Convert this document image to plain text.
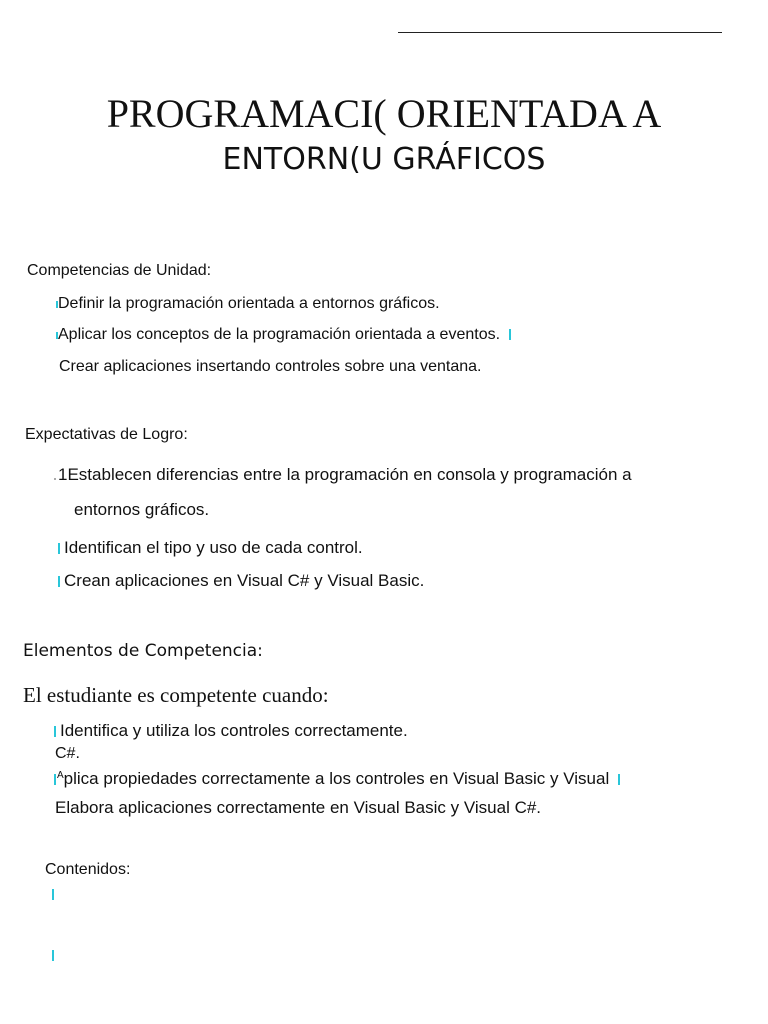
PROGRAMACI( ORIENTADA A
ENTORN(U GRÁFICOS
Competencias de Unidad:
Definir la programación orientada a entornos gráficos.
Aplicar los conceptos de la programación orientada a eventos.
Crear aplicaciones insertando controles sobre una ventana.
Expectativas de Logro:
1Establecen diferencias entre la programación en consola y programación a
entornos gráficos.
Identifican el tipo y uso de cada control.
Crean aplicaciones en Visual C# y Visual Basic.
Elementos de Competencia:
El estudiante es competente cuando:
Identifica y utiliza los controles correctamente.
C#.
$^A$plica propiedades correctamente a los controles en Visual Basic y Visual
Elabora aplicaciones correctamente en Visual Basic y Visual C#.
Contenidos:
